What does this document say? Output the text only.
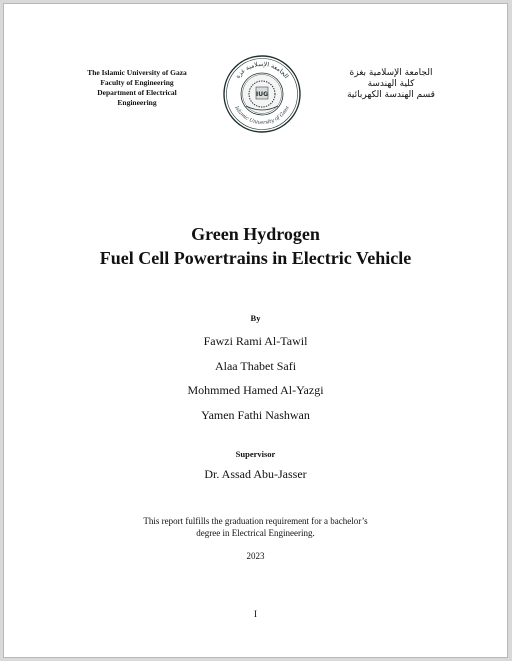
The Islamic University of Gaza
Faculty of Engineering
Department of Electrical
Engineering
IUG
الجامعة الإسلامية غزة
Islamic University of Gaza
الجامعة الإسلامية بغزة
كلية الهندسة
قسم الهندسة الكهربائية
Green Hydrogen
Fuel Cell Powertrains in Electric Vehicle
By
Fawzi Rami Al-Tawil
Alaa Thabet Safi
Mohmmed Hamed Al-Yazgi
Yamen Fathi Nashwan
Supervisor
Dr. Assad Abu-Jasser
This report fulfills the graduation requirement for a bachelor’s
degree in Electrical Engineering.
2023
I
